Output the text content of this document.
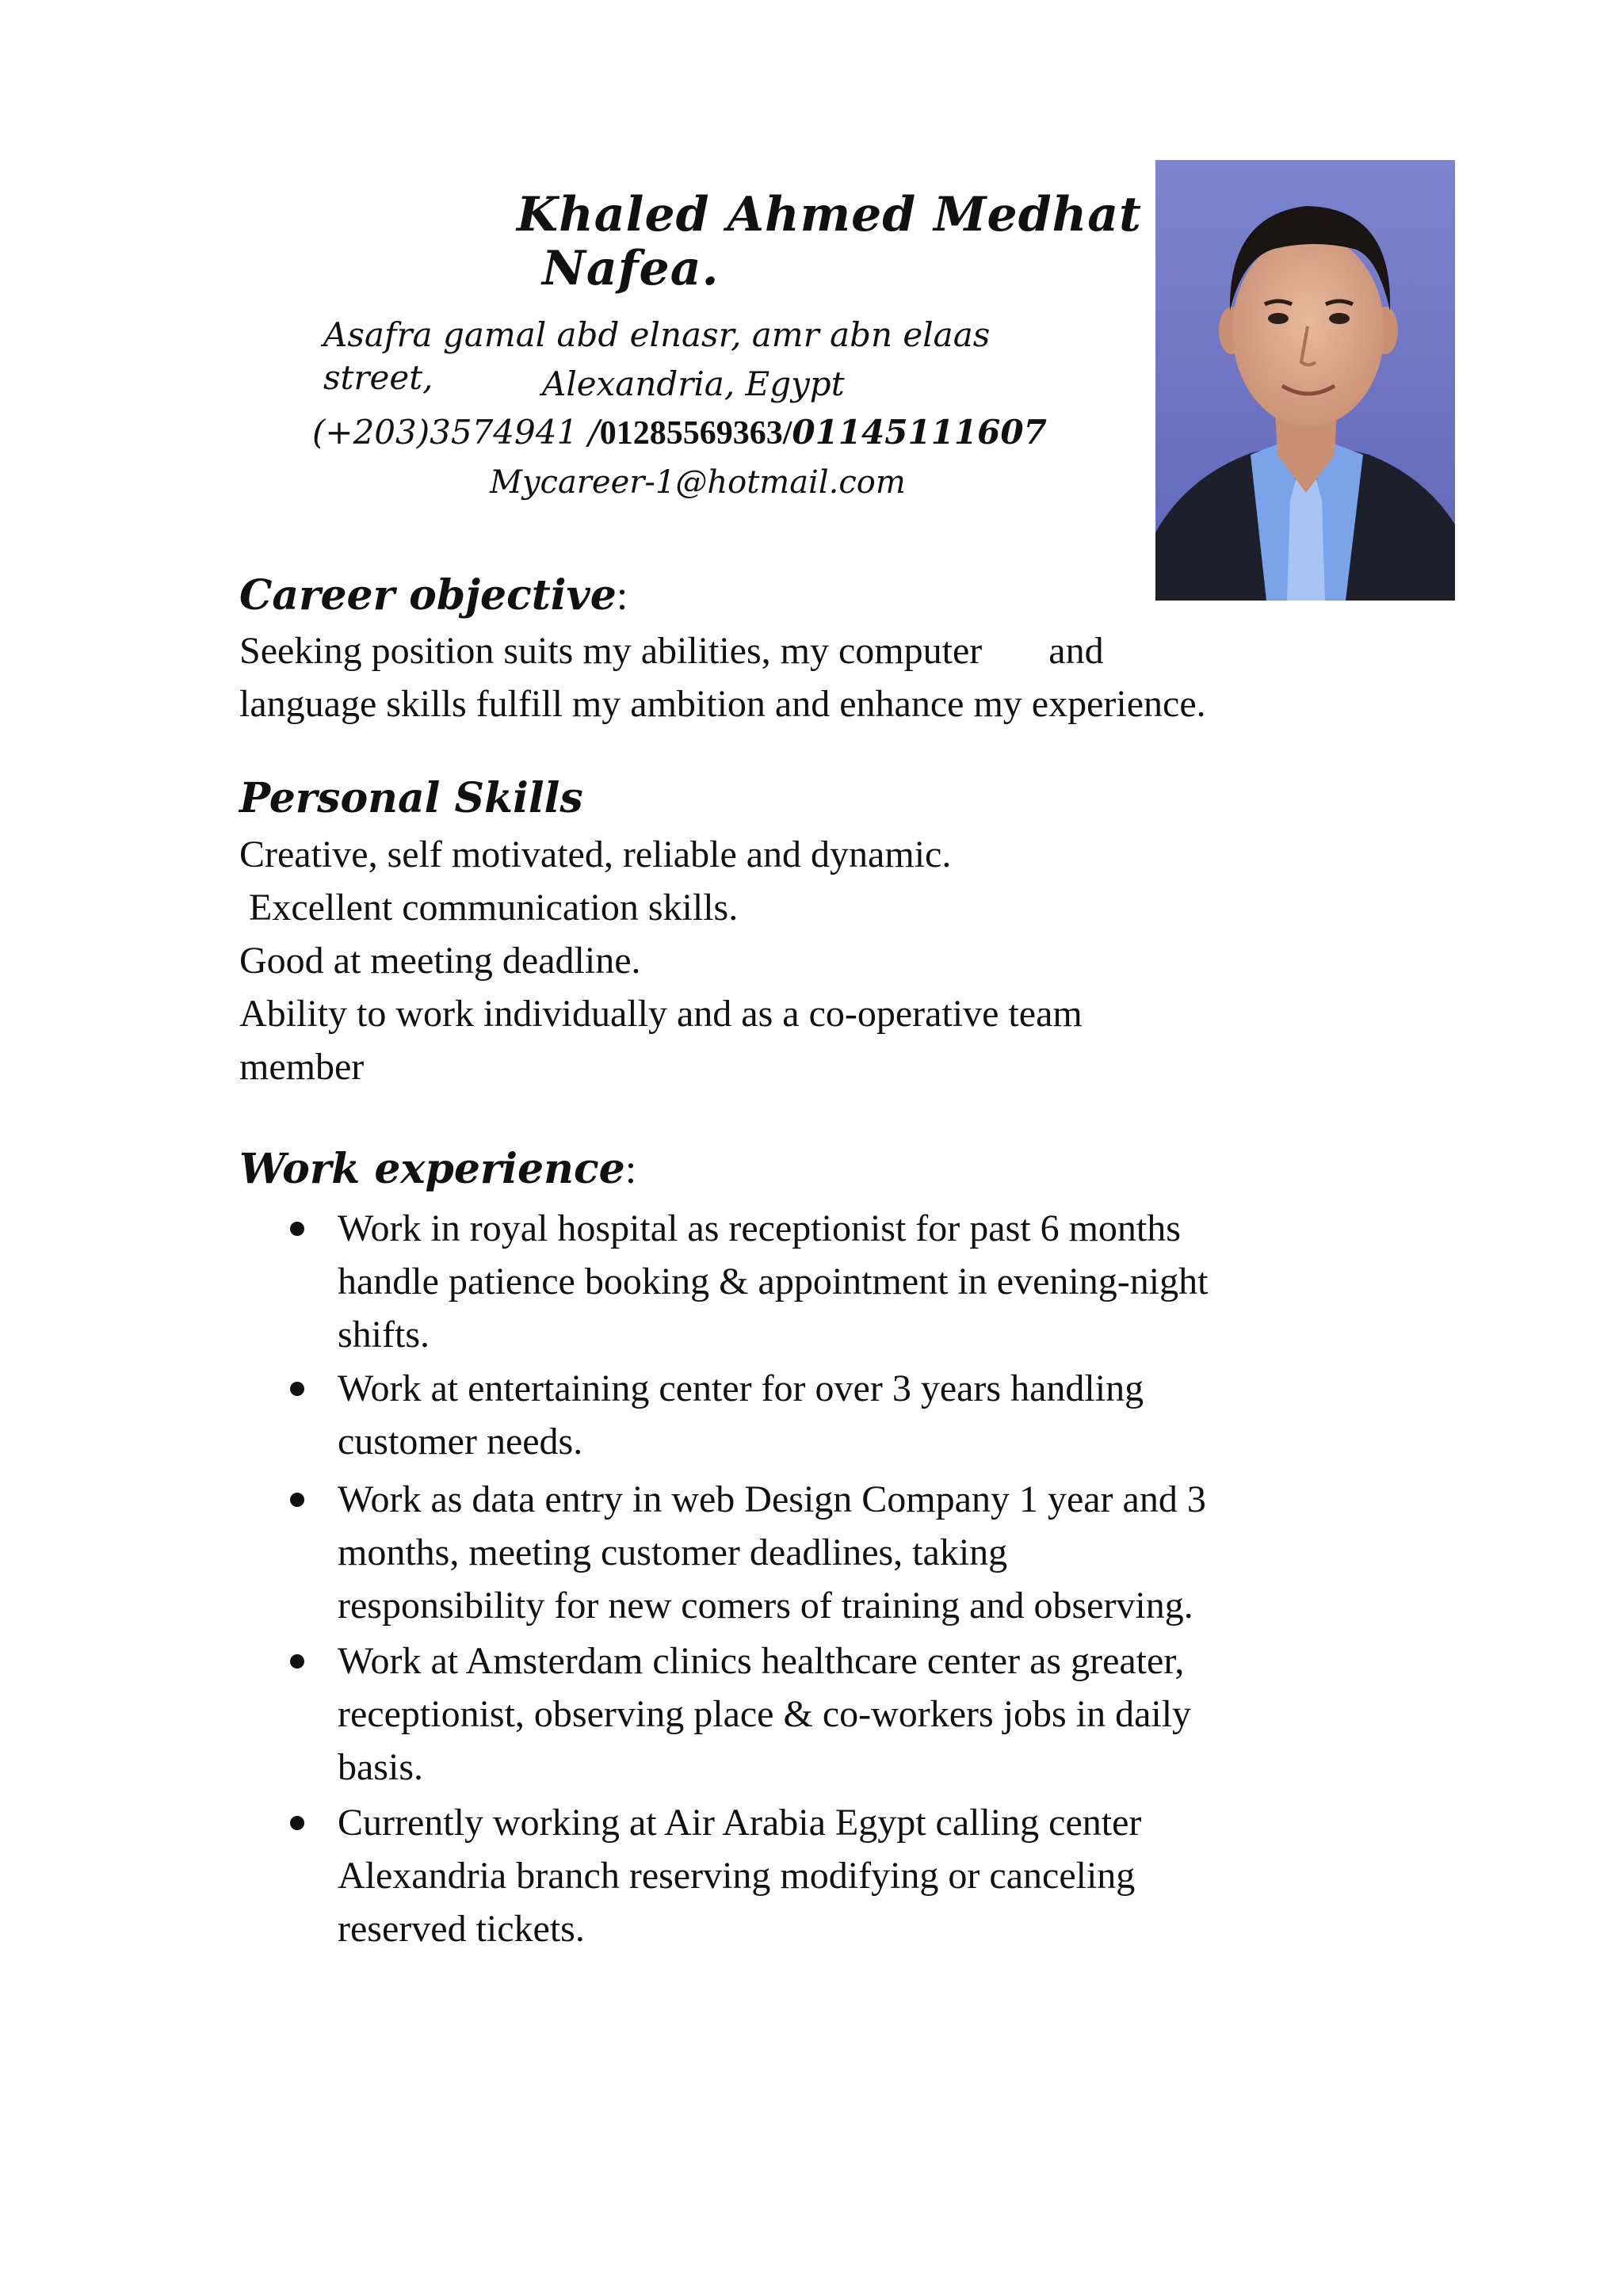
Khaled Ahmed Medhat
Nafea.
Asafra gamal abd elnasr, amr abn elaas street,	Alexandria, Egypt
(+203)3574941 /01285569363/01145111607
Mycareer-1@hotmail.com
Career objective:
Seeking position suits my abilities, my computer       and
language skills fulfill my ambition and enhance my experience.
Personal Skills
Creative, self motivated, reliable and dynamic.
Excellent communication skills.
Good at meeting deadline.
Ability to work individually and as a co-operative team
member
Work experience:
Work in royal hospital as receptionist for past 6 months
handle patience booking & appointment in evening-night
shifts.
Work at entertaining center for over 3 years handling
customer needs.
Work as data entry in web Design Company 1 year and 3
months, meeting customer deadlines, taking
responsibility for new comers of training and observing.
Work at Amsterdam clinics healthcare center as greater,
receptionist, observing place & co-workers jobs in daily
basis.
Currently working at Air Arabia Egypt calling center
Alexandria branch reserving modifying or canceling
reserved tickets.
